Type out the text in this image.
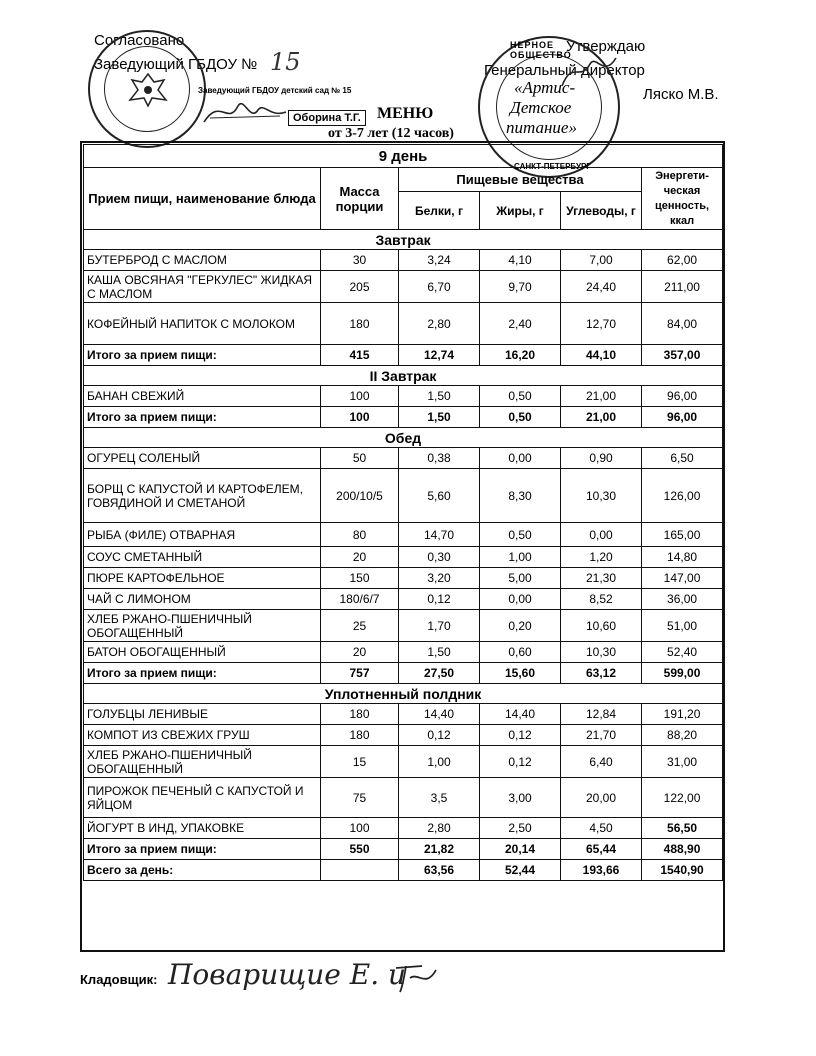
Согласовано
Заведующий ГБДОУ № 15
Утверждаю
Генеральный директор
Ляско М.В.
Заведующий ГБДОУ детский сад № 15
Оборина Т.Г.	МЕНЮ
от 3-7 лет (12 часов)
НЕРНОЕ ОБЩЕСТВО
«Артис-
Детское
питание»
САНКТ-ПЕТЕРБУРГ
9 день					
Прием пищи, наименование блюда	Масса порции	Пищевые вещества			Энергети-ческая ценность, ккал
		Белки, г	Жиры, г	Углеводы, г	
Завтрак					
БУТЕРБРОД С МАСЛОМ	30	3,24	4,10	7,00	62,00
КАША ОВСЯНАЯ "ГЕРКУЛЕС" ЖИДКАЯ С МАСЛОМ	205	6,70	9,70	24,40	211,00
КОФЕЙНЫЙ НАПИТОК С МОЛОКОМ	180	2,80	2,40	12,70	84,00
Итого за прием пищи:	415	12,74	16,20	44,10	357,00
II Завтрак					
БАНАН СВЕЖИЙ	100	1,50	0,50	21,00	96,00
Итого за прием пищи:	100	1,50	0,50	21,00	96,00
Обед					
ОГУРЕЦ СОЛЕНЫЙ	50	0,38	0,00	0,90	6,50
БОРЩ С КАПУСТОЙ И КАРТОФЕЛЕМ, ГОВЯДИНОЙ И СМЕТАНОЙ	200/10/5	5,60	8,30	10,30	126,00
РЫБА (ФИЛЕ) ОТВАРНАЯ	80	14,70	0,50	0,00	165,00
СОУС СМЕТАННЫЙ	20	0,30	1,00	1,20	14,80
ПЮРЕ КАРТОФЕЛЬНОЕ	150	3,20	5,00	21,30	147,00
ЧАЙ С ЛИМОНОМ	180/6/7	0,12	0,00	8,52	36,00
ХЛЕБ РЖАНО-ПШЕНИЧНЫЙ ОБОГАЩЕННЫЙ	25	1,70	0,20	10,60	51,00
БАТОН ОБОГАЩЕННЫЙ	20	1,50	0,60	10,30	52,40
Итого за прием пищи:	757	27,50	15,60	63,12	599,00
Уплотненный полдник					
ГОЛУБЦЫ ЛЕНИВЫЕ	180	14,40	14,40	12,84	191,20
КОМПОТ ИЗ СВЕЖИХ ГРУШ	180	0,12	0,12	21,70	88,20
ХЛЕБ РЖАНО-ПШЕНИЧНЫЙ ОБОГАЩЕННЫЙ	15	1,00	0,12	6,40	31,00
ПИРОЖОК ПЕЧЕНЫЙ С КАПУСТОЙ И ЯЙЦОМ	75	3,5	3,00	20,00	122,00
ЙОГУРТ В ИНД, УПАКОВКЕ	100	2,80	2,50	4,50	56,50
Итого за прием пищи:	550	21,82	20,14	65,44	488,90
Всего за день:		63,56	52,44	193,66	1540,90
Кладовщик: Поварищие Е. и
